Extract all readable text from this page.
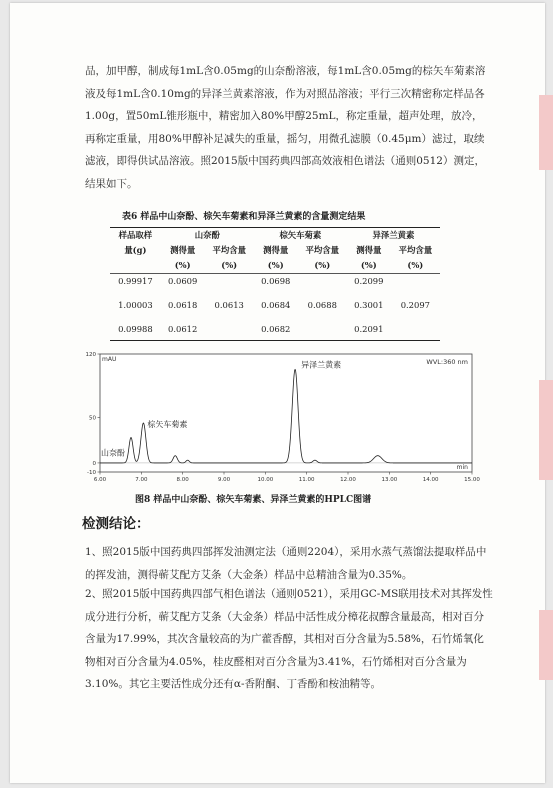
品，加甲醇，制成每1mL含0.05mg的山奈酚溶液，每1mL含0.05mg的棕矢车菊素溶液及每1mL含0.10mg的异泽兰黄素溶液，作为对照品溶液；平行三次精密称定样品各1.00g，置50mL锥形瓶中，精密加入80%甲醇25mL，称定重量，超声处理，放冷，再称定重量，用80%甲醇补足减失的重量，摇匀，用微孔滤膜（0.45μm）滤过，取续滤液，即得供试品溶液。照2015版中国药典四部高效液相色谱法（通则0512）测定，结果如下。
表6 样品中山奈酚、棕矢车菊素和异泽兰黄素的含量测定结果
样品取样	山奈酚		棕矢车菊素		异泽兰黄素	
量(g)	测得量	平均含量	测得量	平均含量	测得量	平均含量
	(%)	(%)	(%)	(%)	(%)	(%)
0.99917	0.0609		0.0698		0.2099	
1.00003	0.0618	0.0613	0.0684	0.0688	0.3001	0.2097
0.09988	0.0612		0.0682		0.2091	
mAU	WVL:360 nm
min
6.00	7.00	8.00	9.00	10.00	11.00	12.00	13.00	14.00	15.00
120
50
0
-10
山奈酚
棕矢车菊素
异泽兰黄素
图8 样品中山奈酚、棕矢车菊素、异泽兰黄素的HPLC图谱
检测结论：
1、照2015版中国药典四部挥发油测定法（通则2204），采用水蒸气蒸馏法提取样品中的挥发油，测得蕲艾配方艾条（大金条）样品中总精油含量为0.35%。
2、照2015版中国药典四部气相色谱法（通则0521），采用GC-MS联用技术对其挥发性成分进行分析，蕲艾配方艾条（大金条）样品中活性成分樟花叔醇含量最高，相对百分含量为17.99%，其次含量较高的为广藿香醇，其相对百分含量为5.58%，石竹烯氧化物相对百分含量为4.05%，桂皮醛相对百分含量为3.41%，石竹烯相对百分含量为3.10%。其它主要活性成分还有α-香附酮、丁香酚和桉油精等。
